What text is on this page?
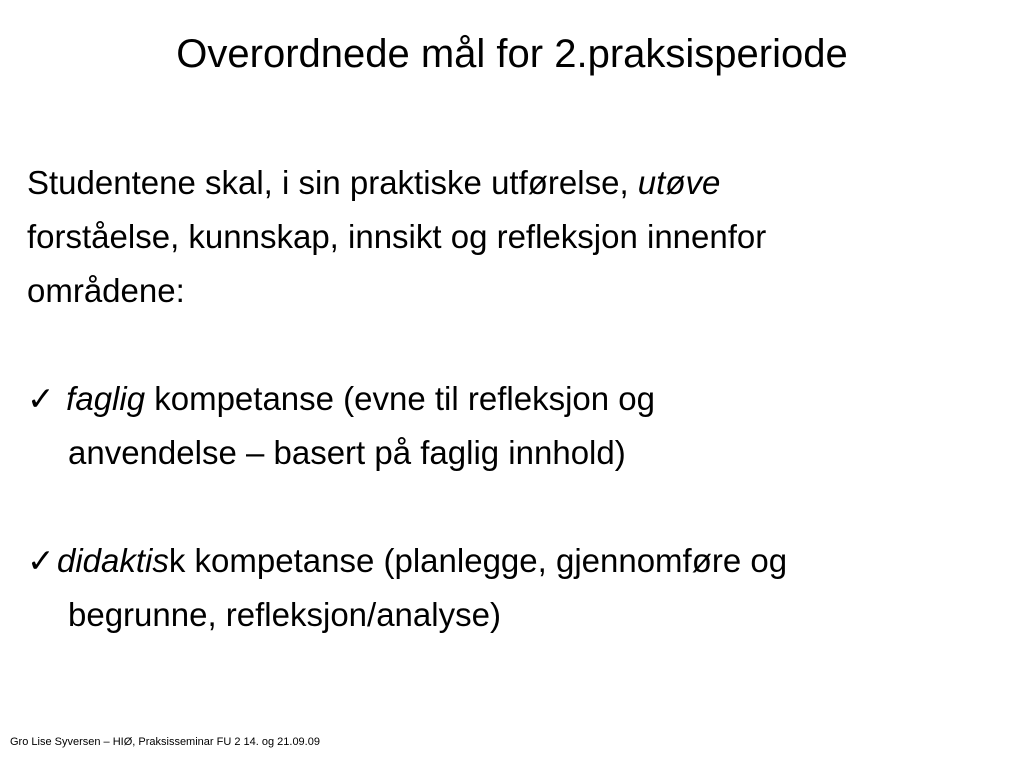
Overordnede mål for 2.praksisperiode

Studentene skal, i sin praktiske utførelse, utøve
forståelse, kunnskap, innsikt og refleksjon innenfor
områdene:

✓ faglig kompetanse (evne til refleksjon og
anvendelse – basert på faglig innhold)

✓didaktisk kompetanse (planlegge, gjennomføre og
begrunne, refleksjon/analyse)

Gro Lise Syversen – HIØ, Praksisseminar FU 2 14. og 21.09.09
